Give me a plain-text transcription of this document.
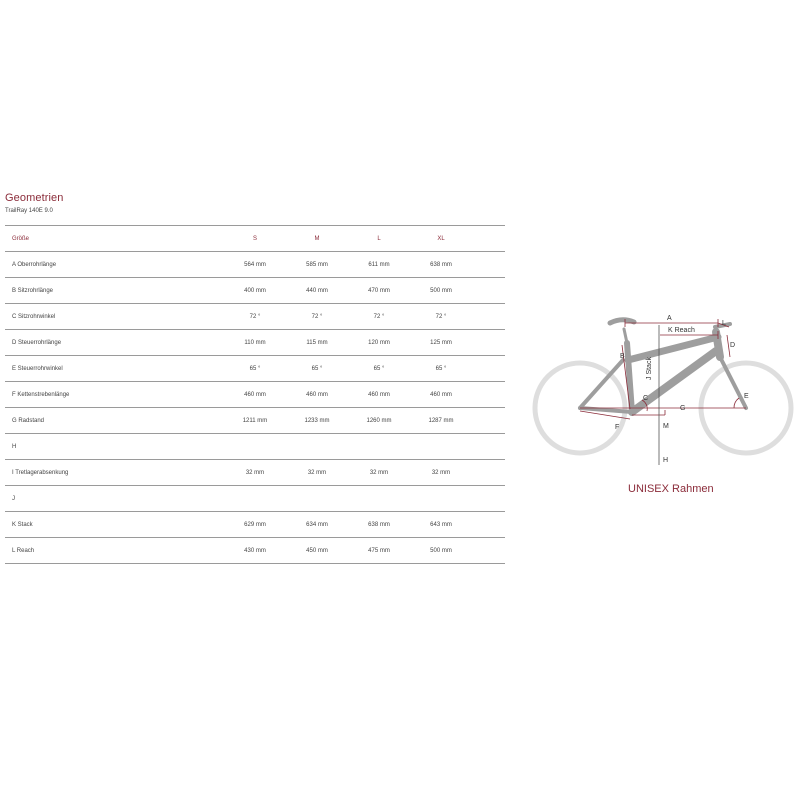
Geometrien
TrailRay 140E 9.0
Größe	S	M	L	XL	
A Oberrohrlänge	564 mm	585 mm	611 mm	638 mm	
B Sitzrohrlänge	400 mm	440 mm	470 mm	500 mm	
C Sitzrohrwinkel	72 °	72 °	72 °	72 °	
D Steuerrohrlänge	110 mm	115 mm	120 mm	125 mm	
E Steuerrohrwinkel	65 °	65 °	65 °	65 °	
F Kettenstrebenlänge	460 mm	460 mm	460 mm	460 mm	
G Radstand	1211 mm	1233 mm	1260 mm	1287 mm	
H					
I Tretlagerabsenkung	32 mm	32 mm	32 mm	32 mm	
J					
K Stack	629 mm	634 mm	638 mm	643 mm	
L Reach	430 mm	450 mm	475 mm	500 mm	
A
K Reach
L
B
J Stack
D
C
G
E
F	M
H
UNISEX Rahmen
